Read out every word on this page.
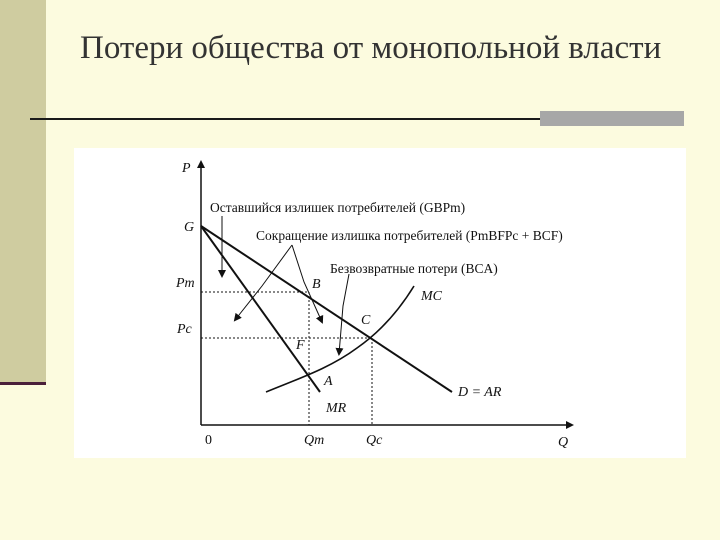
Потери общества от монопольной власти
P
Q
0
G
B
C
F
A
Pm
Pc
Qm	Qc
MC
MR
D = AR
Оставшийся излишек потребителей (GBPm)
Сокращение излишка потребителей (PmBFPc + BCF)
Безвозвратные потери (BCA)
